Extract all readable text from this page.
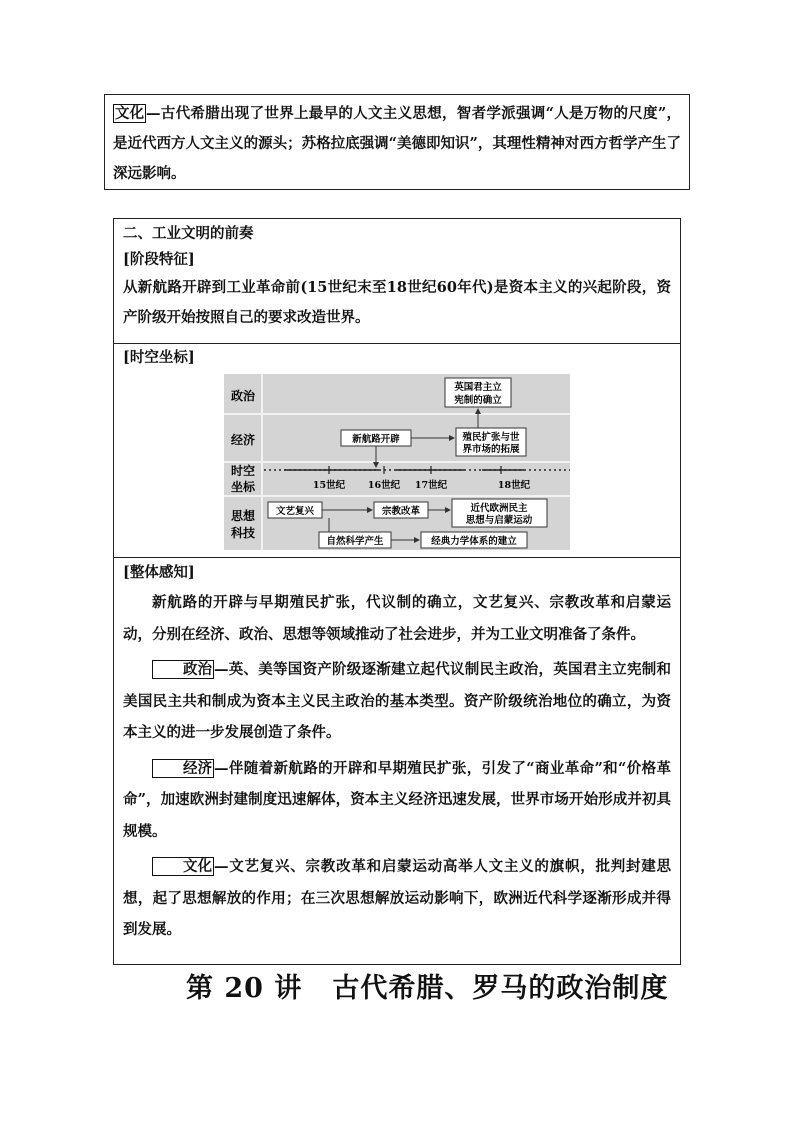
文化 —古代希腊出现了世界上最早的人文主义思想，智者学派强调“人是万物的尺度”，是近代西方人文主义的源头；苏格拉底强调“美德即知识”，其理性精神对西方哲学产生了深远影响。
二、工业文明的前奏
[阶段特征]
从新航路开辟到工业革命前(15世纪末至18世纪60年代)是资本主义的兴起阶段，资产阶级开始按照自己的要求改造世界。
[时空坐标]
政治
经济
时空
坐标
思想
科技
英国君主立
宪制的确立
新航路开辟	殖民扩张与世
界市场的拓展
15世纪 16世纪 17世纪	18世纪
文艺复兴	宗教改革	近代欧洲民主
思想与启蒙运动
自然科学产生	经典力学体系的建立
[整体感知]

新航路的开辟与早期殖民扩张，代议制的确立，文艺复兴、宗教改革和启蒙运动，分别在经济、政治、思想等领域推动了社会进步，并为工业文明准备了条件。

政治 —英、美等国资产阶级逐渐建立起代议制民主政治，英国君主立宪制和美国民主共和制成为资本主义民主政治的基本类型。资产阶级统治地位的确立，为资本主义的进一步发展创造了条件。

经济 —伴随着新航路的开辟和早期殖民扩张，引发了“商业革命”和“价格革命”，加速欧洲封建制度迅速解体，资本主义经济迅速发展，世界市场开始形成并初具规模。

文化 —文艺复兴、宗教改革和启蒙运动高举人文主义的旗帜，批判封建思想，起了思想解放的作用；在三次思想解放运动影响下，欧洲近代科学逐渐形成并得到发展。

第 20 讲 古代希腊、罗马的政治制度
